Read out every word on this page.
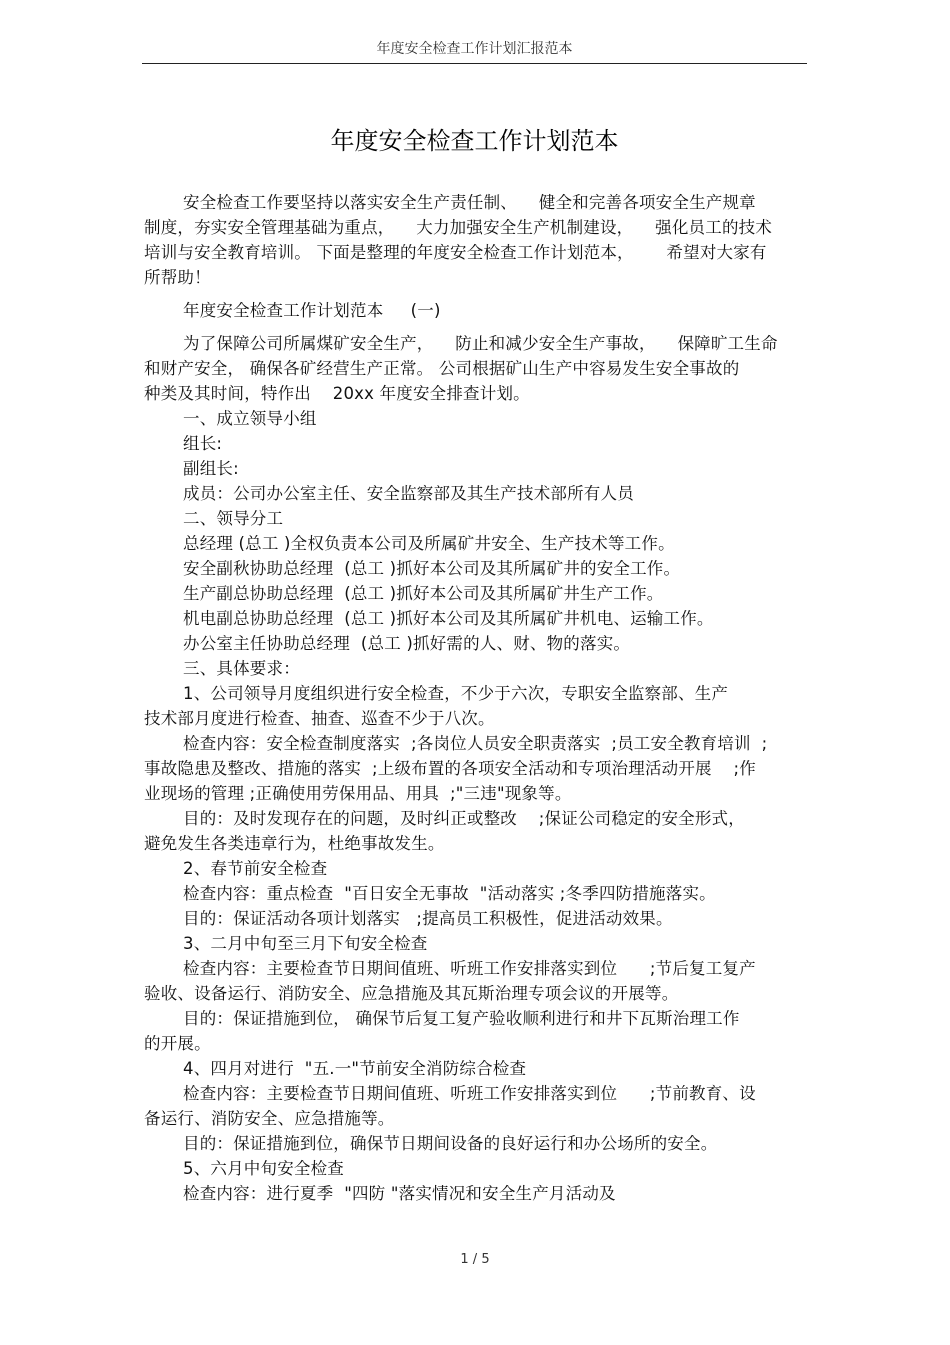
年度安全检查工作计划汇报范本
年度安全检查工作计划范本
安全检查工作要坚持以落实安全生产责任制、    健全和完善各项安全生产规章
制度，夯实安全管理基础为重点，    大力加强安全生产机制建设，    强化员工的技术
培训与安全教育培训。 下面是整理的年度安全检查工作计划范本，      希望对大家有
所帮助！
年度安全检查工作计划范本     (一)
为了保障公司所属煤矿安全生产，    防止和减少安全生产事故，    保障旷工生命
和财产安全， 确保各矿经营生产正常。 公司根据矿山生产中容易发生安全事故的
种类及其时间，特作出    20xx 年度安全排查计划。
一、成立领导小组
组长:
副组长:
成员：公司办公室主任、安全监察部及其生产技术部所有人员
二、领导分工
总经理 (总工 )全权负责本公司及所属矿井安全、生产技术等工作。
安全副秋协助总经理  (总工 )抓好本公司及其所属矿井的安全工作。
生产副总协助总经理  (总工 )抓好本公司及其所属矿井生产工作。
机电副总协助总经理  (总工 )抓好本公司及其所属矿井机电、运输工作。
办公室主任协助总经理  (总工 )抓好需的人、财、物的落实。
三、具体要求：
1、公司领导月度组织进行安全检查，不少于六次，专职安全监察部、生产
技术部月度进行检查、抽查、巡查不少于八次。
检查内容：安全检查制度落实  ;各岗位人员安全职责落实  ;员工安全教育培训  ;
事故隐患及整改、措施的落实  ;上级布置的各项安全活动和专项治理活动开展    ;作
业现场的管理 ;正确使用劳保用品、用具  ;"三违"现象等。
目的：及时发现存在的问题，及时纠正或整改    ;保证公司稳定的安全形式，
避免发生各类违章行为，杜绝事故发生。
2、春节前安全检查
检查内容：重点检查  "百日安全无事故  "活动落实 ;冬季四防措施落实。
目的：保证活动各项计划落实   ;提高员工积极性，促进活动效果。
3、二月中旬至三月下旬安全检查
检查内容：主要检查节日期间值班、听班工作安排落实到位      ;节后复工复产
验收、设备运行、消防安全、应急措施及其瓦斯治理专项会议的开展等。
目的：保证措施到位， 确保节后复工复产验收顺利进行和井下瓦斯治理工作
的开展。
4、四月对进行  "五.一"节前安全消防综合检查
检查内容：主要检查节日期间值班、听班工作安排落实到位      ;节前教育、设
备运行、消防安全、应急措施等。
目的：保证措施到位，确保节日期间设备的良好运行和办公场所的安全。
5、六月中旬安全检查
检查内容：进行夏季  "四防 "落实情况和安全生产月活动及
1 / 5
